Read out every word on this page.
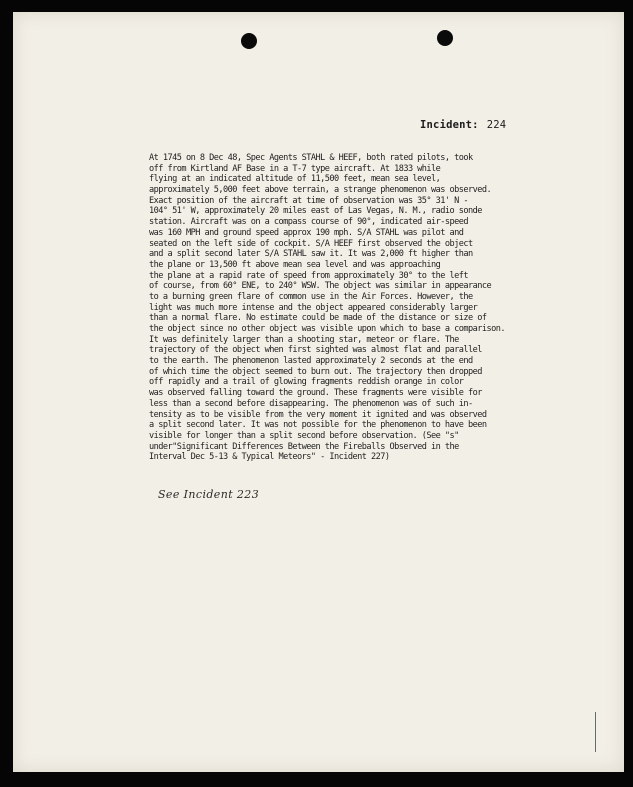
Incident: 224
At 1745 on 8 Dec 48, Spec Agents STAHL & HEEF, both rated pilots, took
off from Kirtland AF Base in a T-7 type aircraft. At 1833 while
flying at an indicated altitude of 11,500 feet, mean sea level,
approximately 5,000 feet above terrain, a strange phenomenon was observed.
Exact position of the aircraft at time of observation was 35° 31' N -
104° 51' W, approximately 20 miles east of Las Vegas, N. M., radio sonde
station. Aircraft was on a compass course of 90°, indicated air-speed
was 160 MPH and ground speed approx 190 mph. S/A STAHL was pilot and
seated on the left side of cockpit. S/A HEEF first observed the object
and a split second later S/A STAHL saw it. It was 2,000 ft higher than
the plane or 13,500 ft above mean sea level and was approaching
the plane at a rapid rate of speed from approximately 30° to the left
of course, from 60° ENE, to 240° WSW. The object was similar in appearance
to a burning green flare of common use in the Air Forces. However, the
light was much more intense and the object appeared considerably larger
than a normal flare. No estimate could be made of the distance or size of
the object since no other object was visible upon which to base a comparison.
It was definitely larger than a shooting star, meteor or flare. The
trajectory of the object when first sighted was almost flat and parallel
to the earth. The phenomenon lasted approximately 2 seconds at the end
of which time the object seemed to burn out. The trajectory then dropped
off rapidly and a trail of glowing fragments reddish orange in color
was observed falling toward the ground. These fragments were visible for
less than a second before disappearing. The phenomenon was of such in-
tensity as to be visible from the very moment it ignited and was observed
a split second later. It was not possible for the phenomenon to have been
visible for longer than a split second before observation. (See "s"
under"Significant Differences Between the Fireballs Observed in the
Interval Dec 5-13 & Typical Meteors" - Incident 227)
See Incident 223
